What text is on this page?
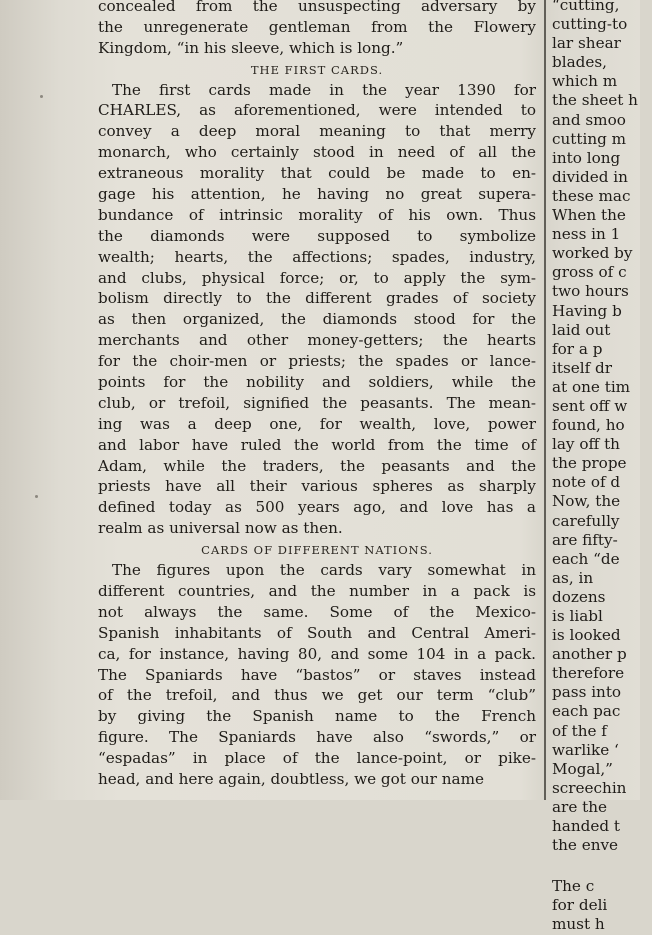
concealed from the unsuspecting adversary by
the unregenerate gentleman from the Flowery
Kingdom, “in his sleeve, which is long.”
THE FIRST CARDS.
The first cards made in the year 1390 for
CHARLES, as aforementioned, were intended to
convey a deep moral meaning to that merry
monarch, who certainly stood in need of all the
extraneous morality that could be made to en-
gage his attention, he having no great supera-
bundance of intrinsic morality of his own. Thus
the diamonds were supposed to symbolize
wealth; hearts, the affections; spades, industry,
and clubs, physical force; or, to apply the sym-
bolism directly to the different grades of society
as then organized, the diamonds stood for the
merchants and other money-getters; the hearts
for the choir-men or priests; the spades or lance-
points for the nobility and soldiers, while the
club, or trefoil, signified the peasants. The mean-
ing was a deep one, for wealth, love, power
and labor have ruled the world from the time of
Adam, while the traders, the peasants and the
priests have all their various spheres as sharply
defined today as 500 years ago, and love has a
realm as universal now as then.
CARDS OF DIFFERENT NATIONS.
The figures upon the cards vary somewhat in
different countries, and the number in a pack is
not always the same. Some of the Mexico-
Spanish inhabitants of South and Central Ameri-
ca, for instance, having 80, and some 104 in a pack.
The Spaniards have “bastos” or staves instead
of the trefoil, and thus we get our term “club”
by giving the Spanish name to the French
figure. The Spaniards have also “swords,” or
“espadas” in place of the lance-point, or pike-
head, and here again, doubtless, we got our name
“cutting,
cutting-to
lar shear
blades,
which m
the sheet h
and smoo
cutting m
into long
divided in
these mac
When the
ness in 1
worked by
gross of c
two hours
Having b
laid out
for a p
itself dr
at one tim
sent off w
found, ho
lay off th
the prope
note of d
Now, the
carefully
are fifty-
each “de
as, in
dozens
is liabl
is looked
another p
therefore
pass into
each pac
of the f
warlike ‘
Mogal,”
screechin
are the
handed t
the enve
The c
for deli
must h
